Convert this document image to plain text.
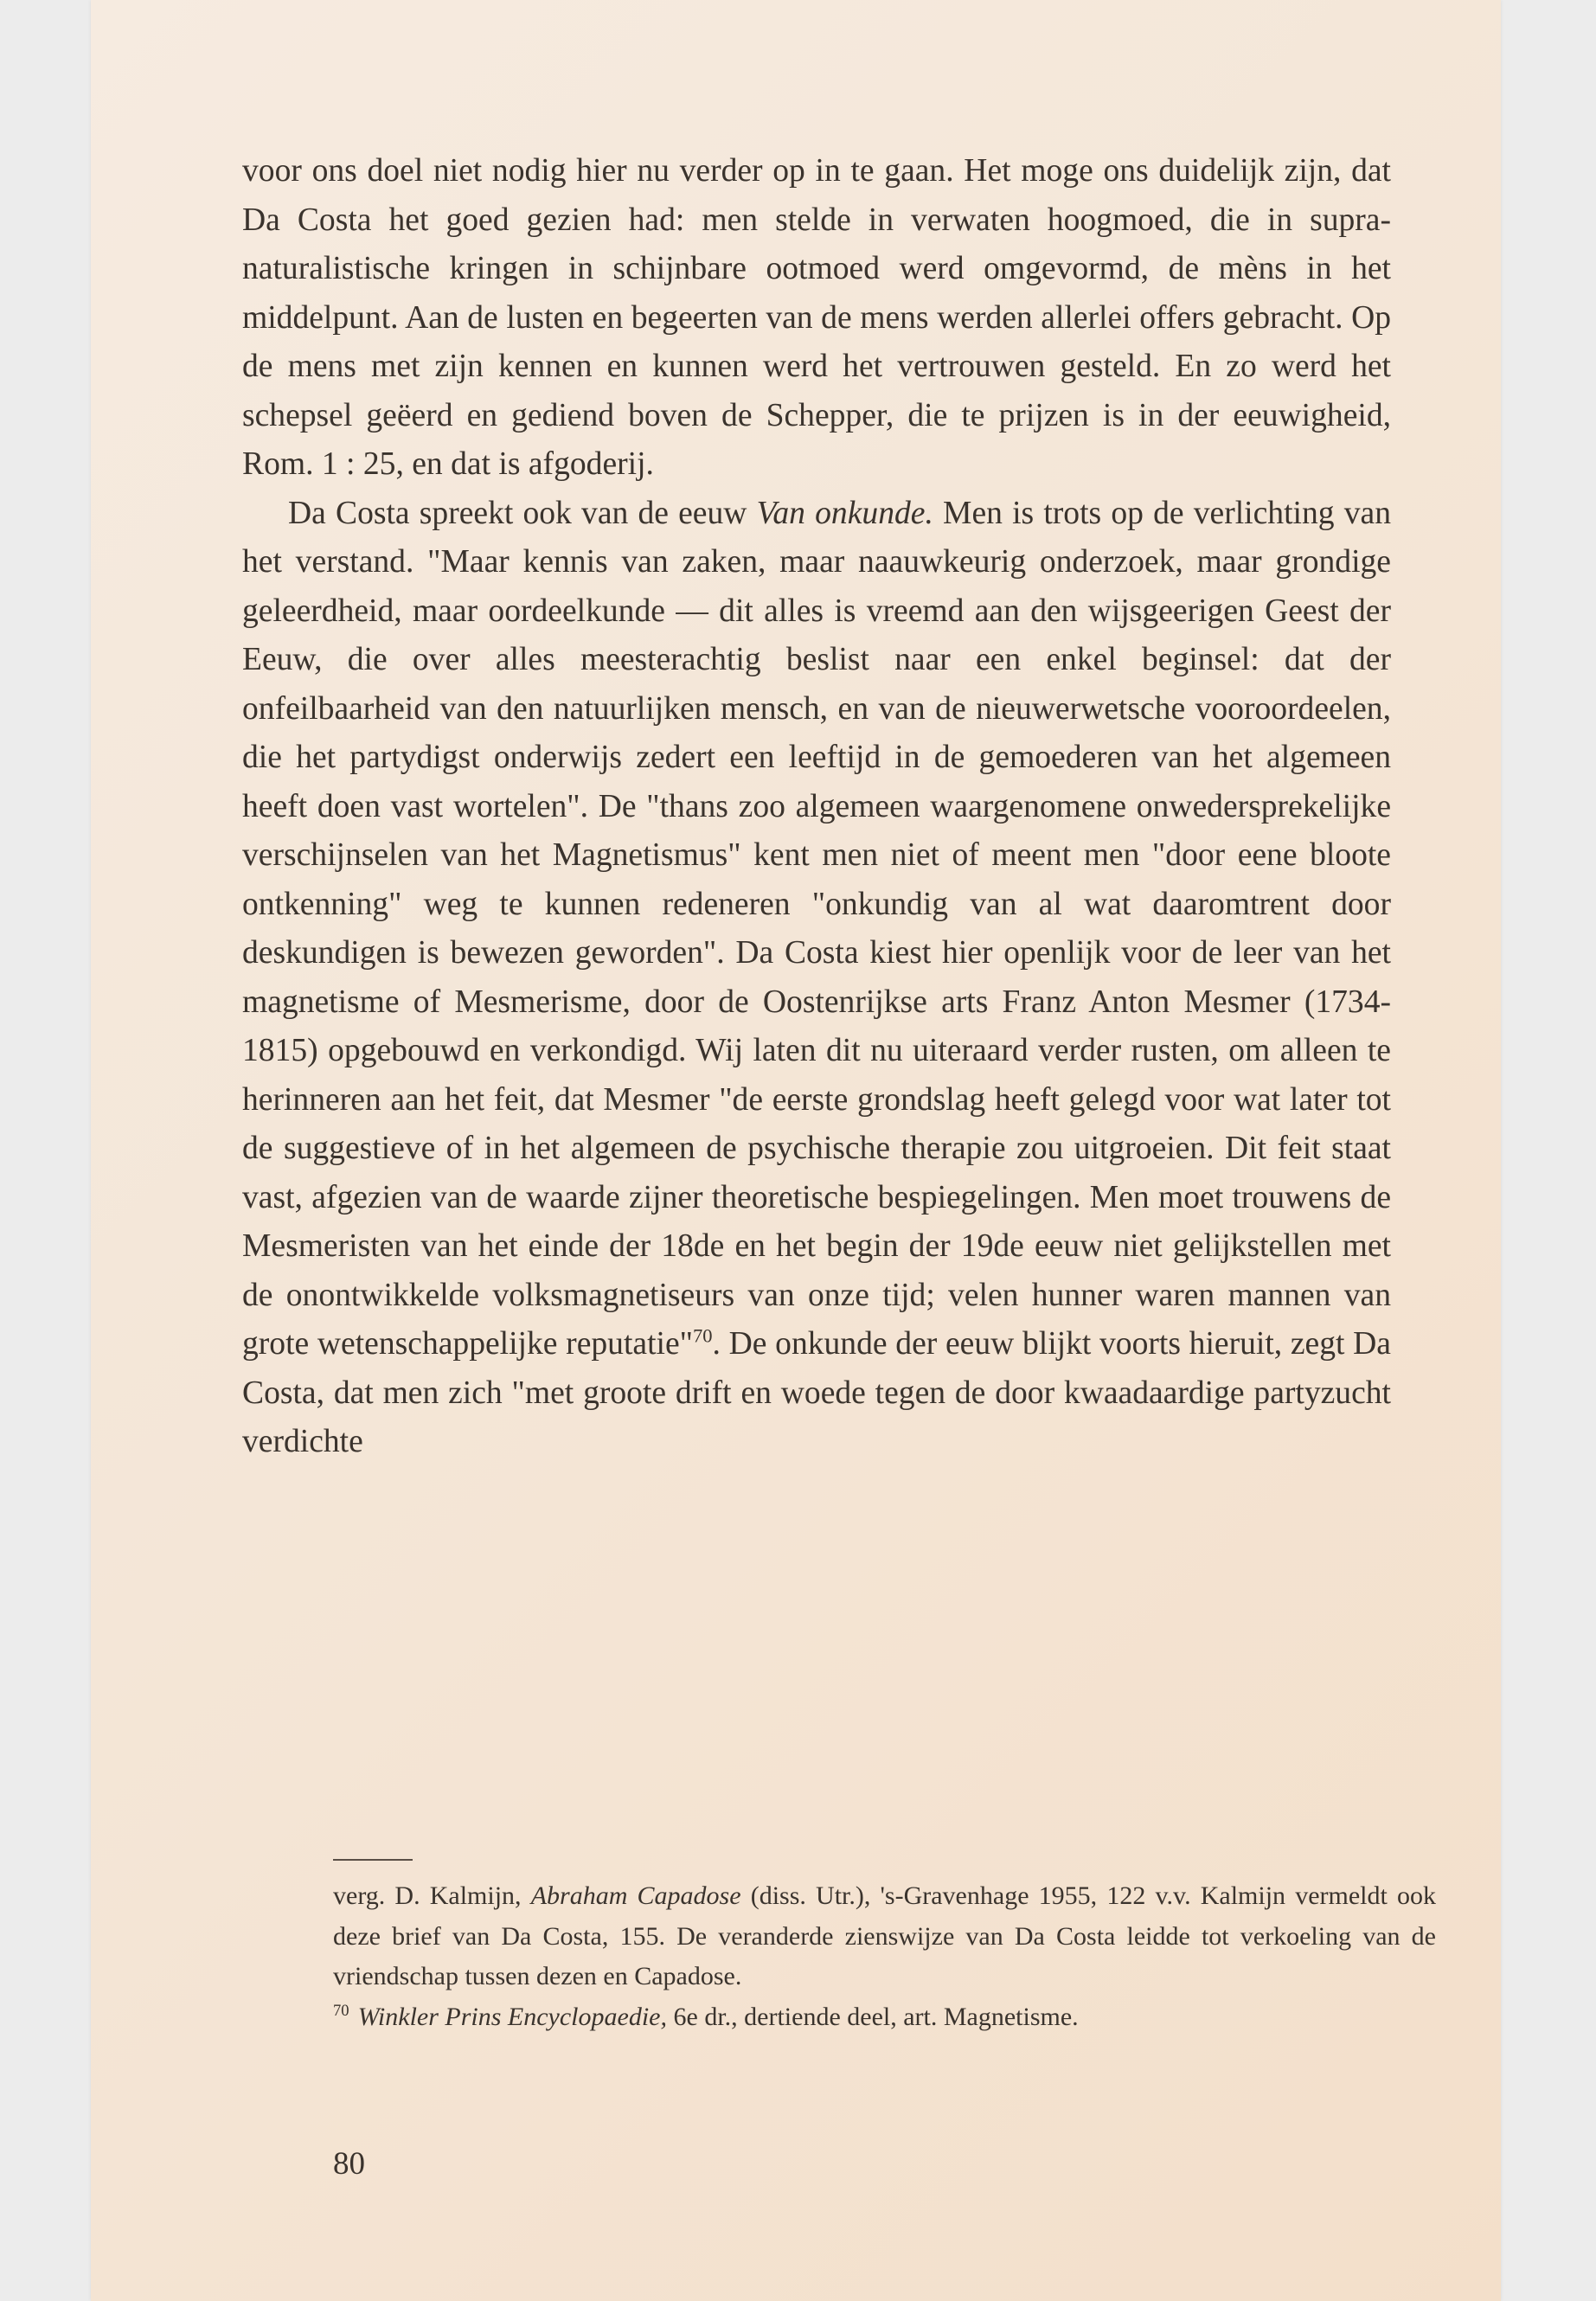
voor ons doel niet nodig hier nu verder op in te gaan. Het moge ons duidelijk zijn, dat Da Costa het goed gezien had: men stelde in verwaten hoogmoed, die in supra-naturalistische kringen in schijnbare ootmoed werd omgevormd, de mèns in het middelpunt. Aan de lusten en begeerten van de mens werden allerlei offers gebracht. Op de mens met zijn kennen en kunnen werd het vertrouwen gesteld. En zo werd het schepsel geëerd en gediend boven de Schepper, die te prijzen is in der eeuwigheid, Rom. 1 : 25, en dat is afgoderij.

Da Costa spreekt ook van de eeuw Van onkunde. Men is trots op de verlichting van het verstand. "Maar kennis van zaken, maar naauwkeurig onderzoek, maar grondige geleerdheid, maar oordeelkunde — dit alles is vreemd aan den wijsgeerigen Geest der Eeuw, die over alles meesterachtig beslist naar een enkel beginsel: dat der onfeilbaarheid van den natuurlijken mensch, en van de nieuwerwetsche vooroordeelen, die het partydigst onderwijs zedert een leeftijd in de gemoederen van het algemeen heeft doen vast wortelen". De "thans zoo algemeen waargenomene onwedersprekelijke verschijnselen van het Magnetismus" kent men niet of meent men "door eene bloote ontkenning" weg te kunnen redeneren "onkundig van al wat daaromtrent door deskundigen is bewezen geworden". Da Costa kiest hier openlijk voor de leer van het magnetisme of Mesmerisme, door de Oostenrijkse arts Franz Anton Mesmer (1734-1815) opgebouwd en verkondigd. Wij laten dit nu uiteraard verder rusten, om alleen te herinneren aan het feit, dat Mesmer "de eerste grondslag heeft gelegd voor wat later tot de suggestieve of in het algemeen de psychische therapie zou uitgroeien. Dit feit staat vast, afgezien van de waarde zijner theoretische bespiegelingen. Men moet trouwens de Mesmeristen van het einde der 18de en het begin der 19de eeuw niet gelijkstellen met de onontwikkelde volksmagnetiseurs van onze tijd; velen hunner waren mannen van grote wetenschappelijke reputatie"$^{70}$. De onkunde der eeuw blijkt voorts hieruit, zegt Da Costa, dat men zich "met groote drift en woede tegen de door kwaadaardige partyzucht verdichte

verg. D. Kalmijn, Abraham Capadose (diss. Utr.), 's-Gravenhage 1955, 122 v.v. Kalmijn vermeldt ook deze brief van Da Costa, 155. De veranderde zienswijze van Da Costa leidde tot verkoeling van de vriendschap tussen dezen en Capadose.

$^{70}$ Winkler Prins Encyclopaedie, 6e dr., dertiende deel, art. Magnetisme.

80
